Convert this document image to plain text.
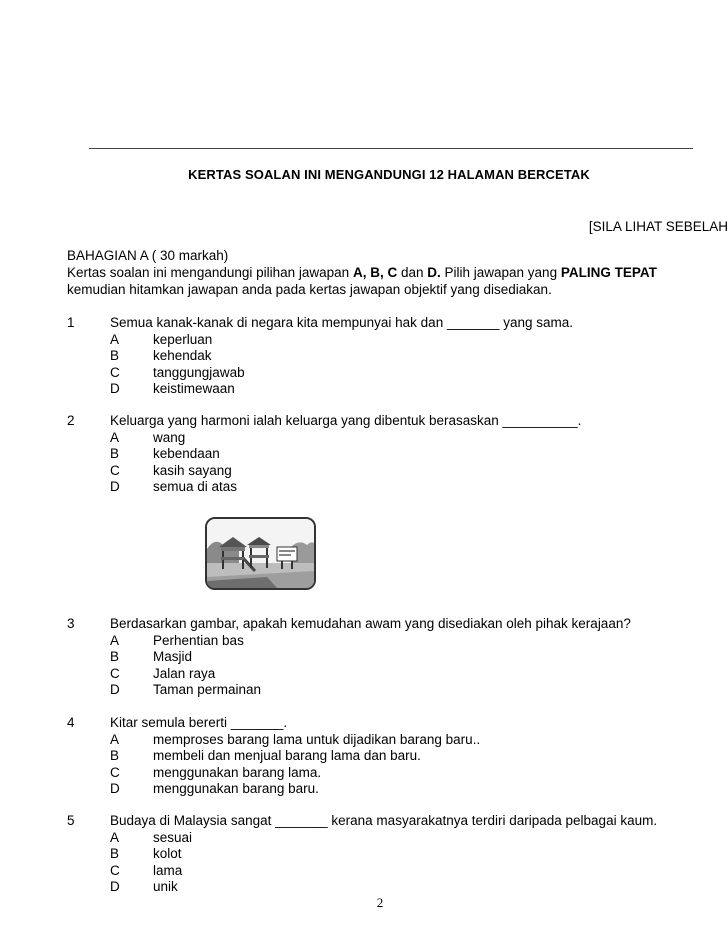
KERTAS SOALAN INI MENGANDUNGI 12 HALAMAN BERCETAK
[SILA LIHAT SEBELAH
BAHAGIAN A ( 30 markah)
Kertas soalan ini mengandungi pilihan jawapan A, B, C dan D. Pilih jawapan yang PALING TEPAT kemudian hitamkan jawapan anda pada kertas jawapan objektif yang disediakan.
1	Semua kanak-kanak di negara kita mempunyai hak dan _______ yang sama.
A	keperluan
B	kehendak
C tanggungjawab
D keistimewaan
2	Keluarga yang harmoni ialah keluarga yang dibentuk berasaskan __________.
A	wang
B	kebendaan
C kasih sayang
D semua di atas
3	Berdasarkan gambar, apakah kemudahan awam yang disediakan oleh pihak kerajaan?
A	Perhentian bas
B	Masjid
C Jalan raya
D Taman permainan
4	Kitar semula bererti _______.
A	memproses barang lama untuk dijadikan barang baru..
B	membeli dan menjual barang lama dan baru.
C menggunakan barang lama.
D menggunakan barang baru.
5	Budaya di Malaysia sangat _______ kerana masyarakatnya terdiri daripada pelbagai kaum.
A	sesuai
B	kolot
C lama
D unik
2
